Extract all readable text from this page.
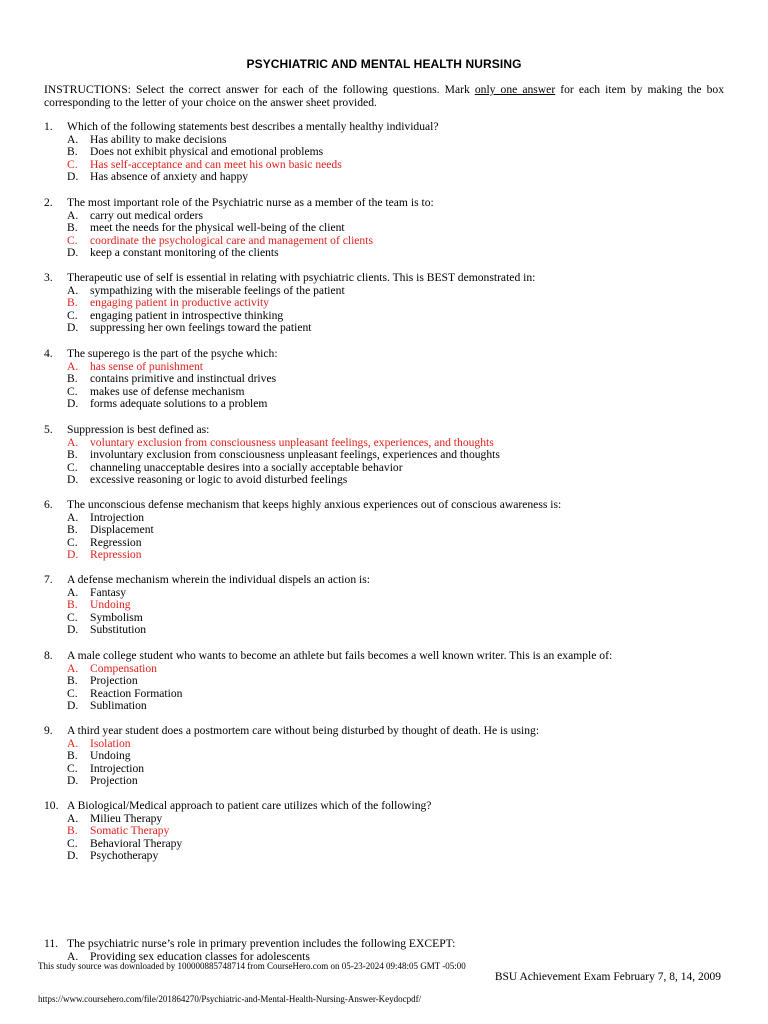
PSYCHIATRIC AND MENTAL HEALTH NURSING
INSTRUCTIONS: Select the correct answer for each of the following questions. Mark only one answer for each item by making the box corresponding to the letter of your choice on the answer sheet provided.
1.	Which of the following statements best describes a mentally healthy individual?
A.	Has ability to make decisions
B.	Does not exhibit physical and emotional problems
C.	Has self-acceptance and can meet his own basic needs
D.	Has absence of anxiety and happy
2.	The most important role of the Psychiatric nurse as a member of the team is to:
A.	carry out medical orders
B.	meet the needs for the physical well-being of the client
C.	coordinate the psychological care and management of clients
D.	keep a constant monitoring of the clients
3.	Therapeutic use of self is essential in relating with psychiatric clients. This is BEST demonstrated in:
A.	sympathizing with the miserable feelings of the patient
B.	engaging patient in productive activity
C.	engaging patient in introspective thinking
D.	suppressing her own feelings toward the patient
4.	The superego is the part of the psyche which:
A.	has sense of punishment
B.	contains primitive and instinctual drives
C.	makes use of defense mechanism
D.	forms adequate solutions to a problem
5.	Suppression is best defined as:
A.	voluntary exclusion from consciousness unpleasant feelings, experiences, and thoughts
B.	involuntary exclusion from consciousness unpleasant feelings, experiences and thoughts
C.	channeling unacceptable desires into a socially acceptable behavior
D.	excessive reasoning or logic to avoid disturbed feelings
6.	The unconscious defense mechanism that keeps highly anxious experiences out of conscious awareness is:
A.	Introjection
B.	Displacement
C.	Regression
D.	Repression
7.	A defense mechanism wherein the individual dispels an action is:
A.	Fantasy
B.	Undoing
C.	Symbolism
D.	Substitution
8.	A male college student who wants to become an athlete but fails becomes a well known writer. This is an example of:
A.	Compensation
B.	Projection
C.	Reaction Formation
D.	Sublimation
9.	A third year student does a postmortem care without being disturbed by thought of death. He is using:
A.	Isolation
B.	Undoing
C.	Introjection
D.	Projection
10. A Biological/Medical approach to patient care utilizes which of the following?
A.	Milieu Therapy
B.	Somatic Therapy
C.	Behavioral Therapy
D.	Psychotherapy
11. The psychiatric nurse’s role in primary prevention includes the following EXCEPT:
A.	Providing sex education classes for adolescents
This study source was downloaded by 100000885748714 from CourseHero.com on 05-23-2024 09:48:05 GMT -05:00
BSU Achievement Exam February 7, 8, 14, 2009
https://www.coursehero.com/file/201864270/Psychiatric-and-Mental-Health-Nursing-Answer-Keydocpdf/
